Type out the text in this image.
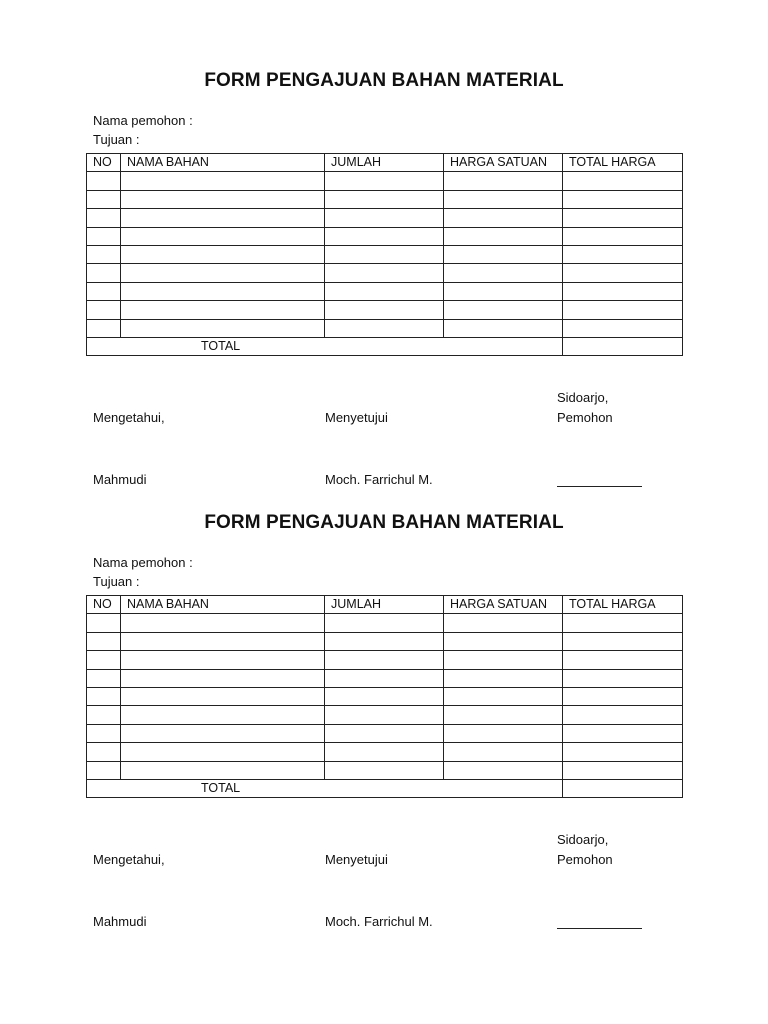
FORM PENGAJUAN BAHAN MATERIAL
Nama pemohon :
Tujuan :
NO	NAMA BAHAN	JUMLAH	HARGA SATUAN	TOTAL HARGA

TOTAL				
Sidoarjo,
Mengetahui,	Menyetujui	Pemohon
Mahmudi	Moch. Farrichul M.
FORM PENGAJUAN BAHAN MATERIAL
Nama pemohon :
Tujuan :
NO	NAMA BAHAN	JUMLAH	HARGA SATUAN	TOTAL HARGA

TOTAL				
Sidoarjo,
Mengetahui,	Menyetujui	Pemohon
Mahmudi	Moch. Farrichul M.
